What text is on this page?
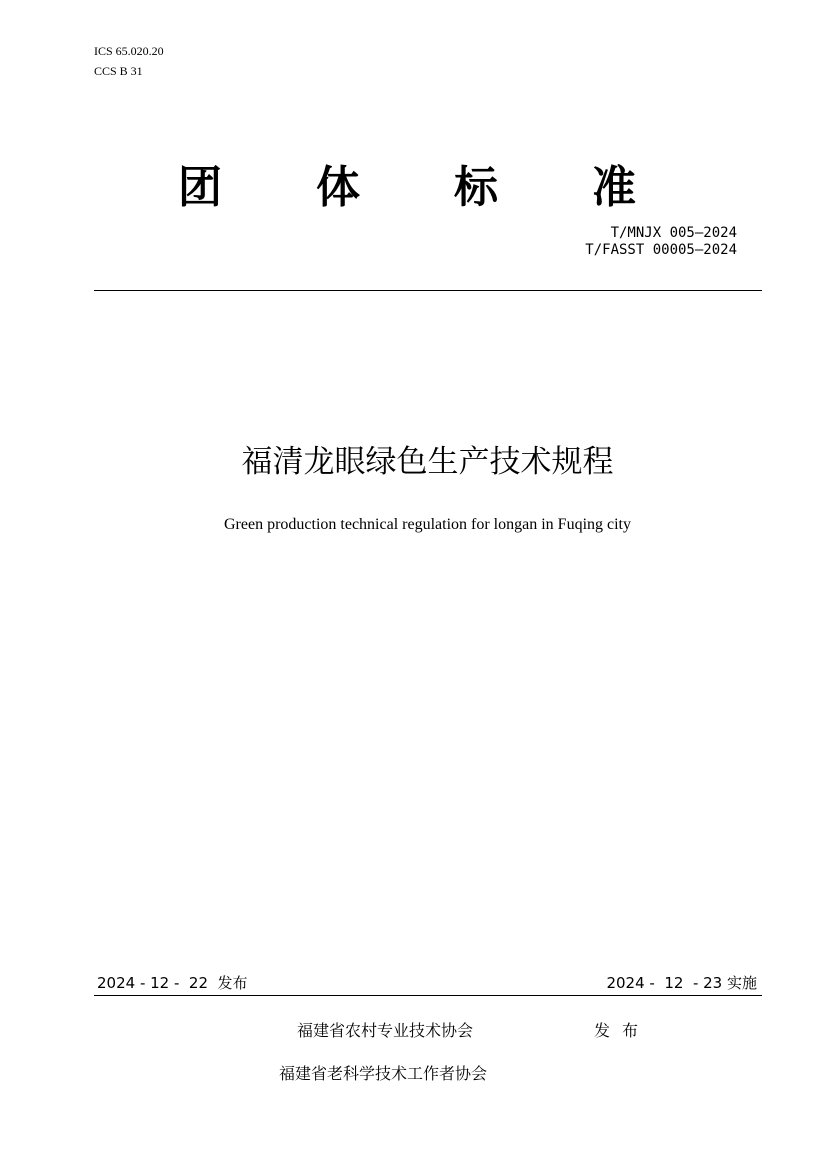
ICS 65.020.20
CCS B 31
团 体 标 准
T/MNJX 005—2024
T/FASST 00005—2024
福清龙眼绿色生产技术规程
Green production technical regulation for longan in Fuqing city
2024 - 12 -  22  发布	2024 -  12  - 23 实施
福建省农村专业技术协会	发布
福建省老科学技术工作者协会
